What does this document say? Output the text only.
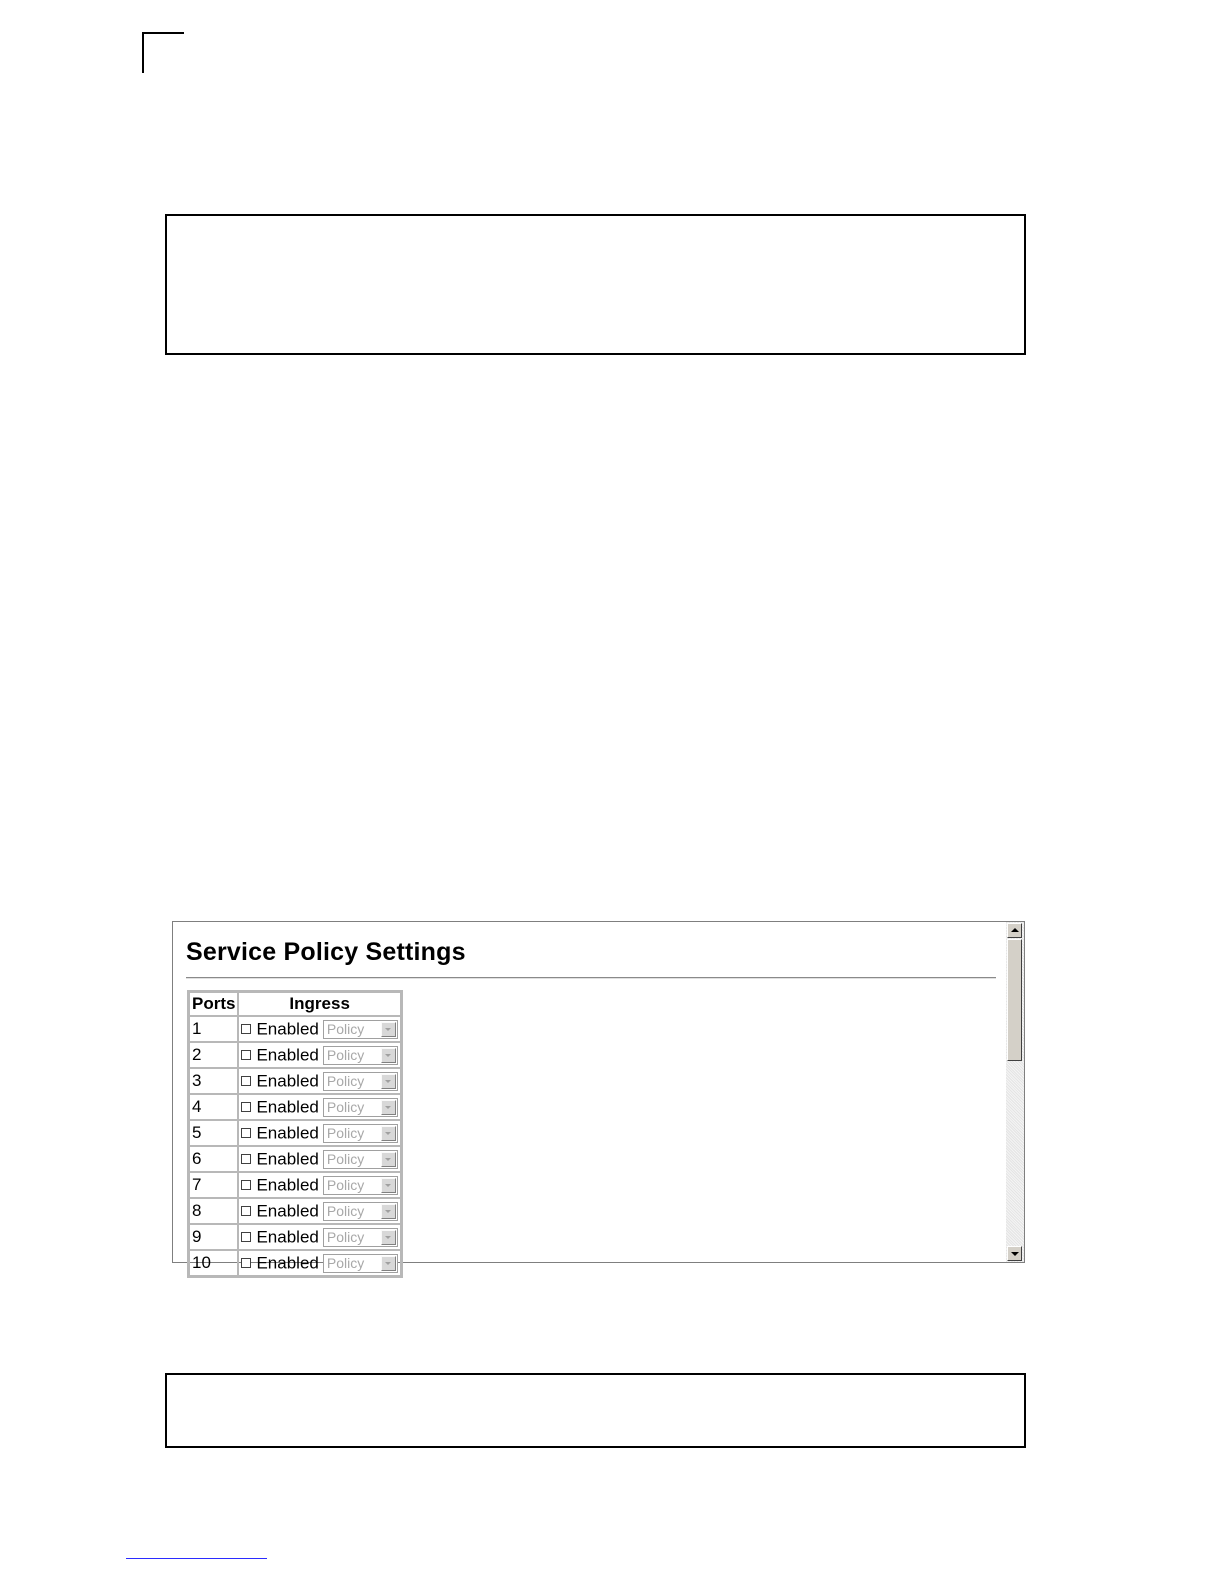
Service Policy Settings
Ports	Ingress
1	Enabled Policy

2	Enabled Policy

3	Enabled Policy

4	Enabled Policy

5	Enabled Policy

6	Enabled Policy

7	Enabled Policy

8	Enabled Policy

9	Enabled Policy

10	Enabled Policy
